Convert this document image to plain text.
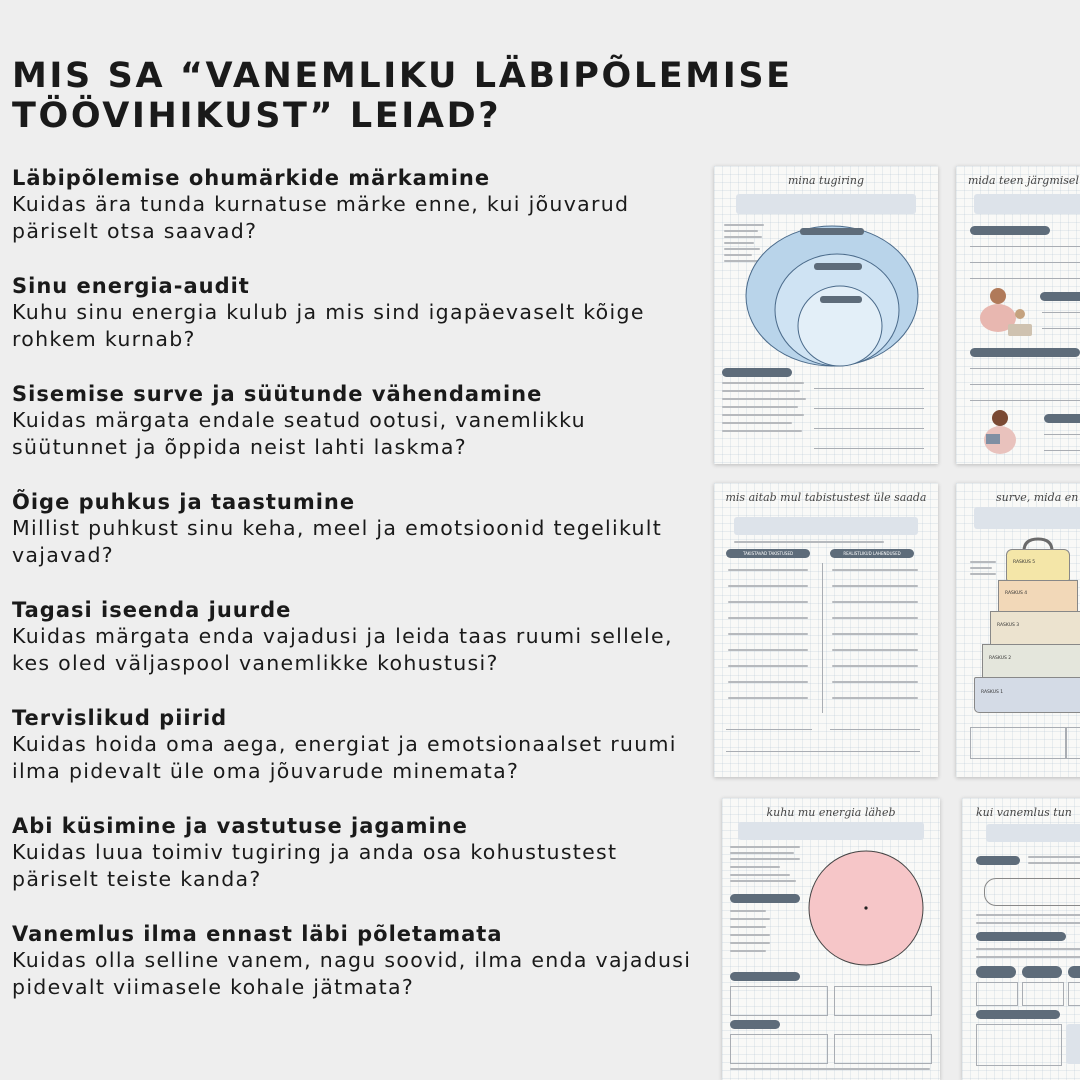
MIS SA “VANEMLIKU LÄBIPÕLEMISE TÖÖVIHIKUST” LEIAD?
Läbipõlemise ohumärkide märkamine

Kuidas ära tunda kurnatuse märke enne, kui jõuvarud päriselt otsa saavad?

Sinu energia-audit

Kuhu sinu energia kulub ja mis sind igapäevaselt kõige rohkem kurnab?

Sisemise surve ja süütunde vähendamine

Kuidas märgata endale seatud ootusi, vanemlikku süütunnet ja õppida neist lahti laskma?

Õige puhkus ja taastumine

Millist puhkust sinu keha, meel ja emotsioonid tegelikult vajavad?

Tagasi iseenda juurde

Kuidas märgata enda vajadusi ja leida taas ruumi sellele, kes oled väljaspool vanemlikke kohustusi?

Tervislikud piirid

Kuidas hoida oma aega, energiat ja emotsionaalset ruumi ilma pidevalt üle oma jõuvarude minemata?

Abi küsimine ja vastutuse jagamine

Kuidas luua toimiv tugiring ja anda osa kohustustest päriselt teiste kanda?

Vanemlus ilma ennast läbi põletamata

Kuidas olla selline vanem, nagu soovid, ilma enda vajadusi pidevalt viimasele kohale jätmata?

mina tugiring	mida teen järgmisel
mis aitab mul tabistustest üle saada
TAKISTAVAD TAKISTUSED	REALISTLIKUD LAHENDUSED
surve, mida en
RASKUS 5
RASKUS 4
RASKUS 3
RASKUS 2
RASKUS 1
kuhu mu energia läheb	kui vanemlus tun
